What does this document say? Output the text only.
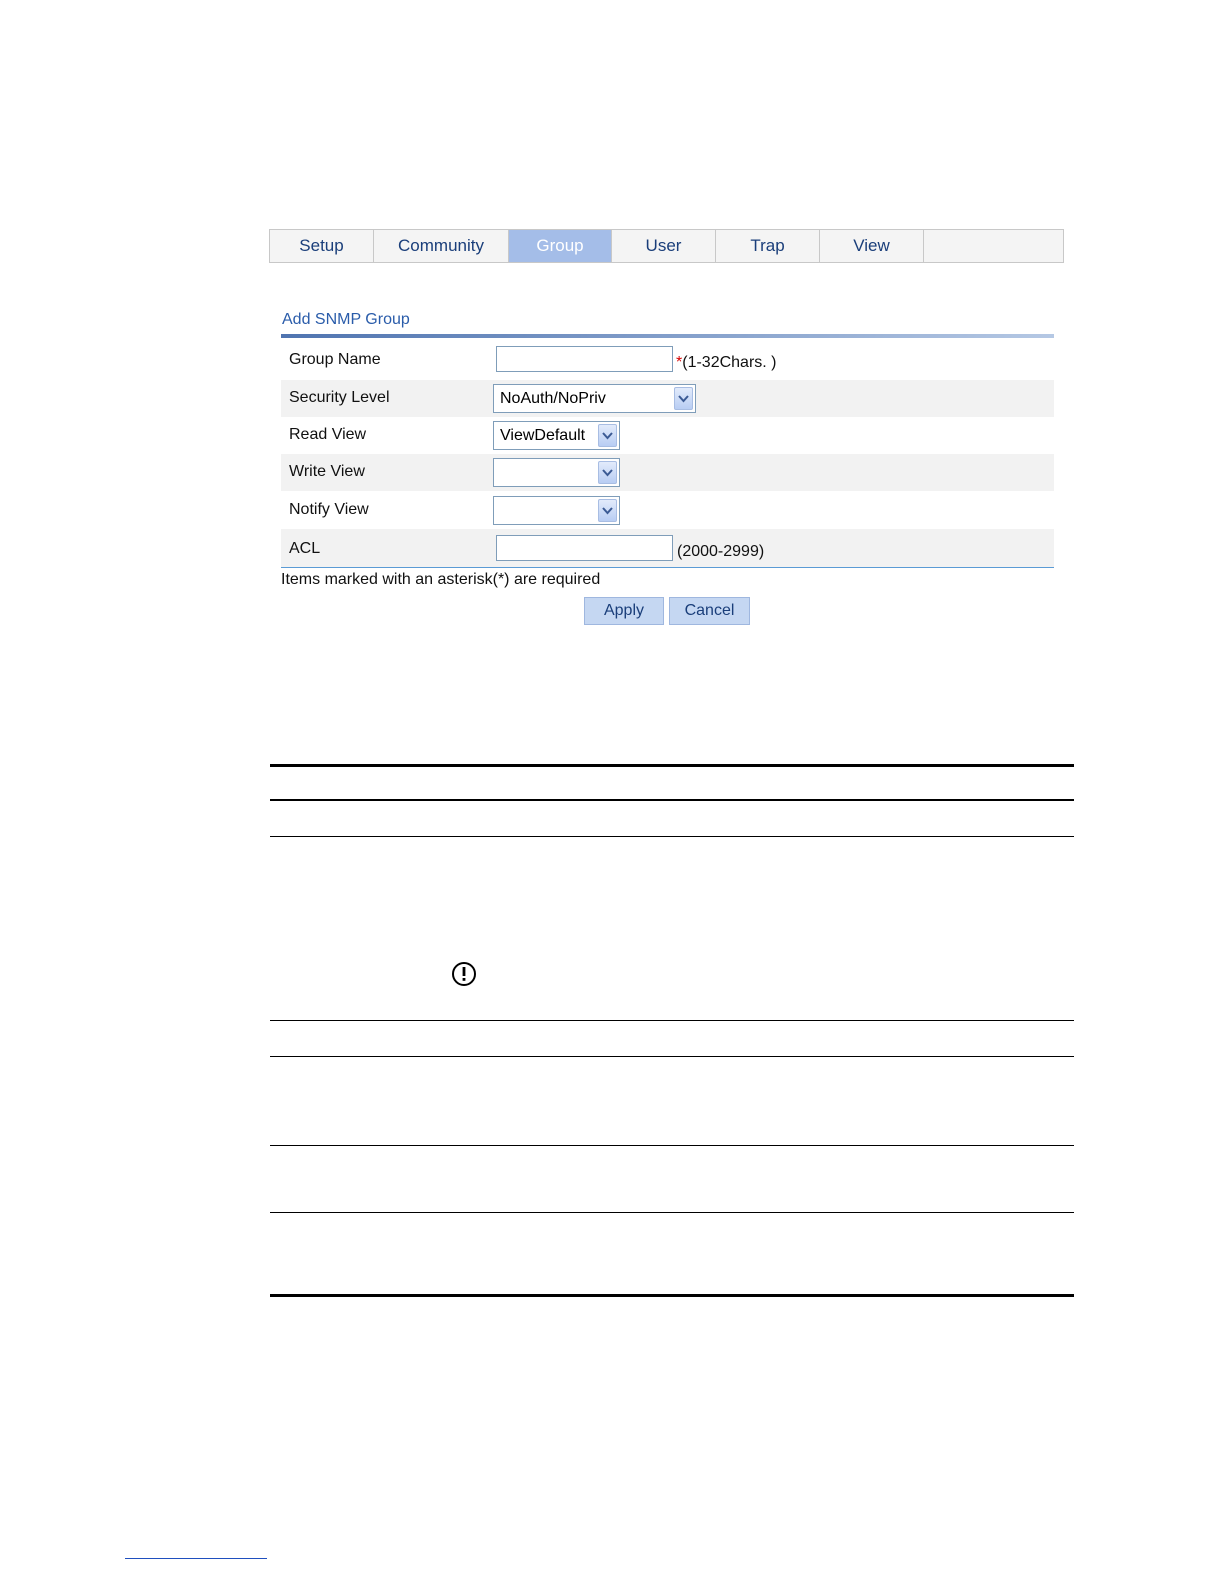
Setup	Community	Group	User	Trap	View
Add SNMP Group
Group Name	*(1-32Chars. )
Security Level	NoAuth/NoPriv
Read View	ViewDefault
Write View
Notify View
ACL	(2000-2999)
Items marked with an asterisk(*) are required
Apply	Cancel
